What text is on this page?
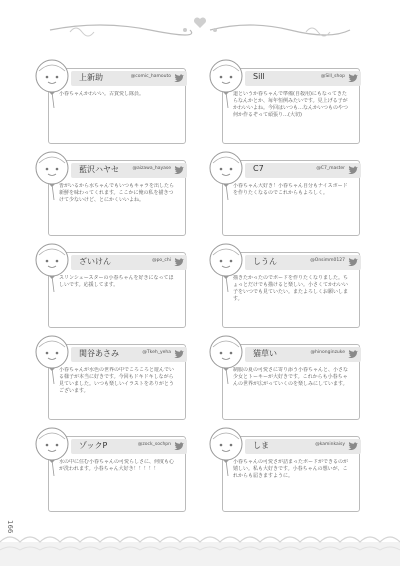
上新助	@comic_hamouto
小春ちゃんかわいい。古賀愛し隊員。
Sill	@Sill_shop
道というか春ちゃんで準備(自殺用)にもなってきたらなんかとか、毎年恒例みたいです。見上げる子がかわいいよね。今回はいつも…なんかいつものやつ何か作るぞって頑張り…(大切)
藍沢ハヤセ	@aizawa_hayase
皆がいるから水ちゃんでもいつもキャラを出したら新鮮を味わってくれます。ここかに俺の私を描きつけて少ないけど、とにかくいいよね。
C7	@C7_master
小春ちゃん大好き！小春ちゃん自分もナイスボードを作りたくなるのでこれからもよろしく。
ざいけん	@po_chi
スリンシェースターの小春ちゃんを好きになってほしいです。応援してます。
しうん	@Onsimm0127
描きたかったのでボードを作りたくなりました。ちょっとだけでも描けると楽しい。小さくてかわいい子をいつでも見ていたい。またよろしくお願いします。
関谷あさみ	@Tkeh_yeha
小春ちゃんが水色の世界の中でころころと遊んでいる様子が本当に好きです。今回もドキドキしながら見ていました。いつも楽しいイラストをありがとうございます。
猫草い	@hinonginzuke
制服の夏の可愛さに寄り添う小春ちゃんと、小さな少女とトーキーが大好きです。これからも小春ちゃんの世界が広がっていくのを楽しみにしています。
ゾックP	@zock_sochpn
水の中に住む小春ちゃんの可愛らしさに、何度も心が洗われます。小春ちゃん大好き！！！！！
しま	@kaminkaisy
小春ちゃんの可愛さが詰まったボードができるのが嬉しい。私も大好きです。小春ちゃんの想いが、これからも届きますように。
166
